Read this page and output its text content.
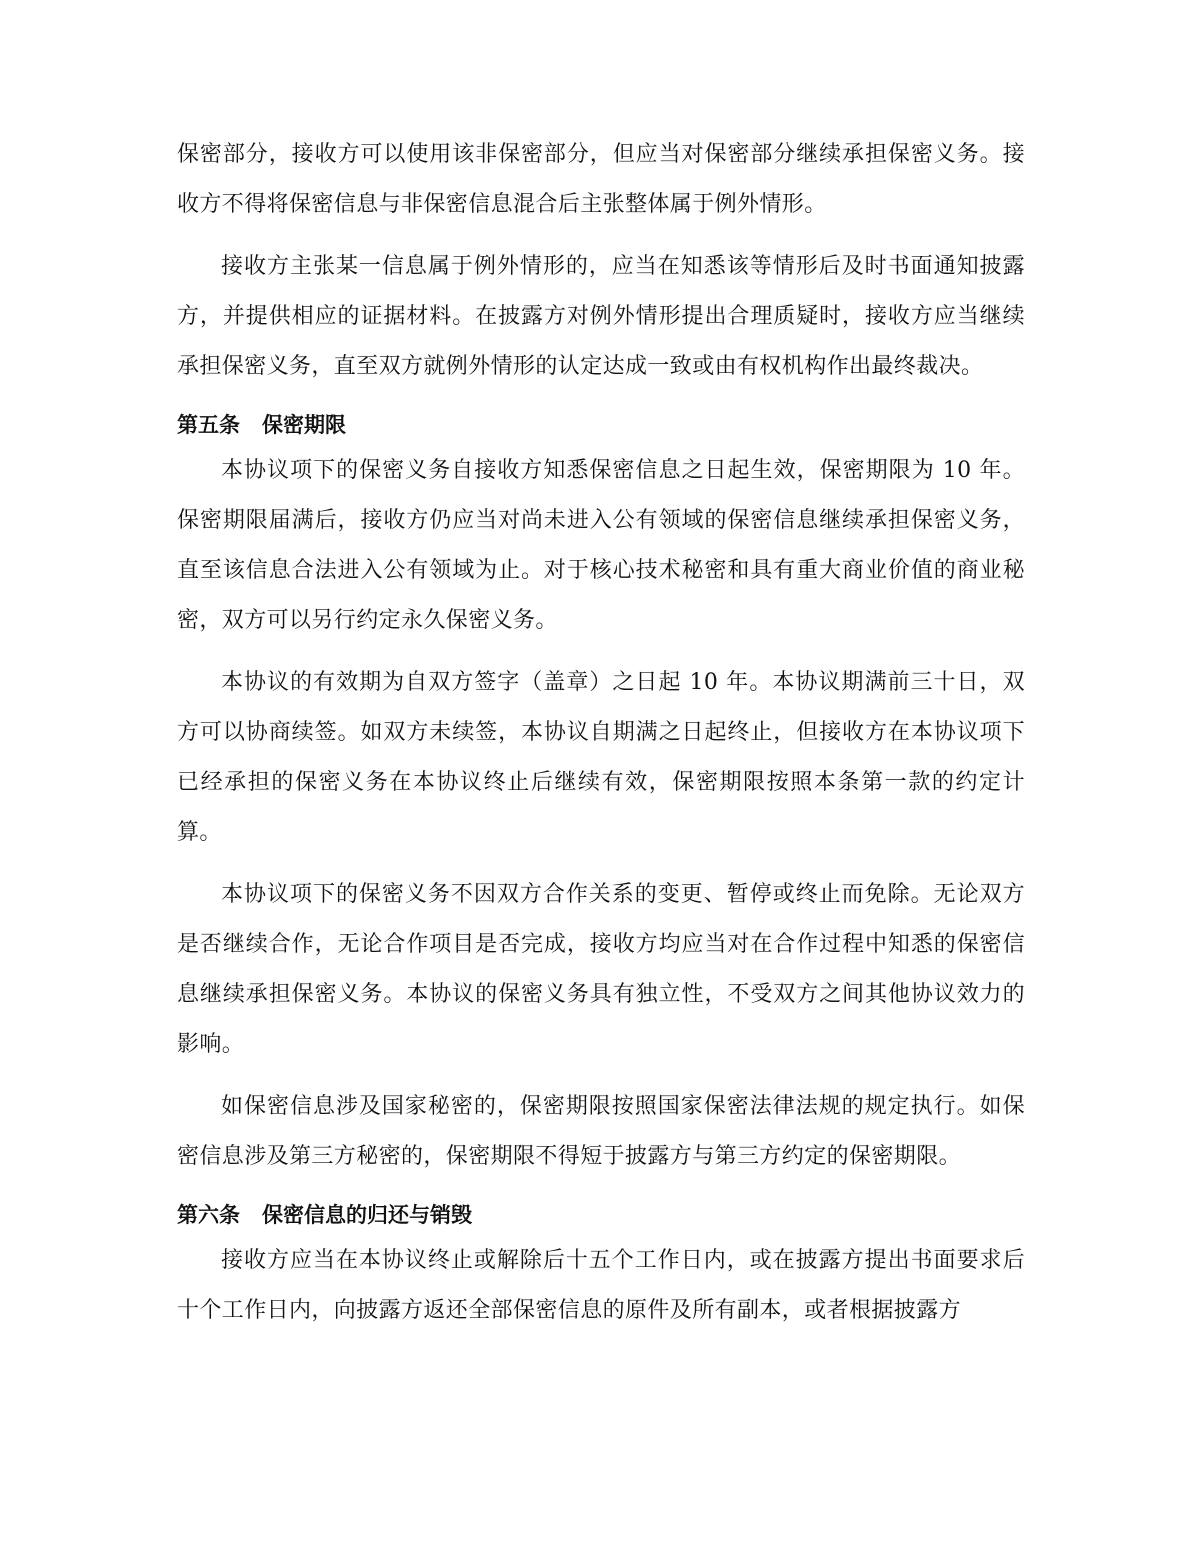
保密部分，接收方可以使用该非保密部分，但应当对保密部分继续承担保密义务。接收方不得将保密信息与非保密信息混合后主张整体属于例外情形。

接收方主张某一信息属于例外情形的，应当在知悉该等情形后及时书面通知披露方，并提供相应的证据材料。在披露方对例外情形提出合理质疑时，接收方应当继续承担保密义务，直至双方就例外情形的认定达成一致或由有权机构作出最终裁决。

第五条 保密期限

本协议项下的保密义务自接收方知悉保密信息之日起生效，保密期限为 10 年。保密期限届满后，接收方仍应当对尚未进入公有领域的保密信息继续承担保密义务，直至该信息合法进入公有领域为止。对于核心技术秘密和具有重大商业价值的商业秘密，双方可以另行约定永久保密义务。

本协议的有效期为自双方签字（盖章）之日起 10 年。本协议期满前三十日，双方可以协商续签。如双方未续签，本协议自期满之日起终止，但接收方在本协议项下已经承担的保密义务在本协议终止后继续有效，保密期限按照本条第一款的约定计算。

本协议项下的保密义务不因双方合作关系的变更、暂停或终止而免除。无论双方是否继续合作，无论合作项目是否完成，接收方均应当对在合作过程中知悉的保密信息继续承担保密义务。本协议的保密义务具有独立性，不受双方之间其他协议效力的影响。

如保密信息涉及国家秘密的，保密期限按照国家保密法律法规的规定执行。如保密信息涉及第三方秘密的，保密期限不得短于披露方与第三方约定的保密期限。

第六条 保密信息的归还与销毁

接收方应当在本协议终止或解除后十五个工作日内，或在披露方提出书面要求后十个工作日内，向披露方返还全部保密信息的原件及所有副本，或者根据披露方
